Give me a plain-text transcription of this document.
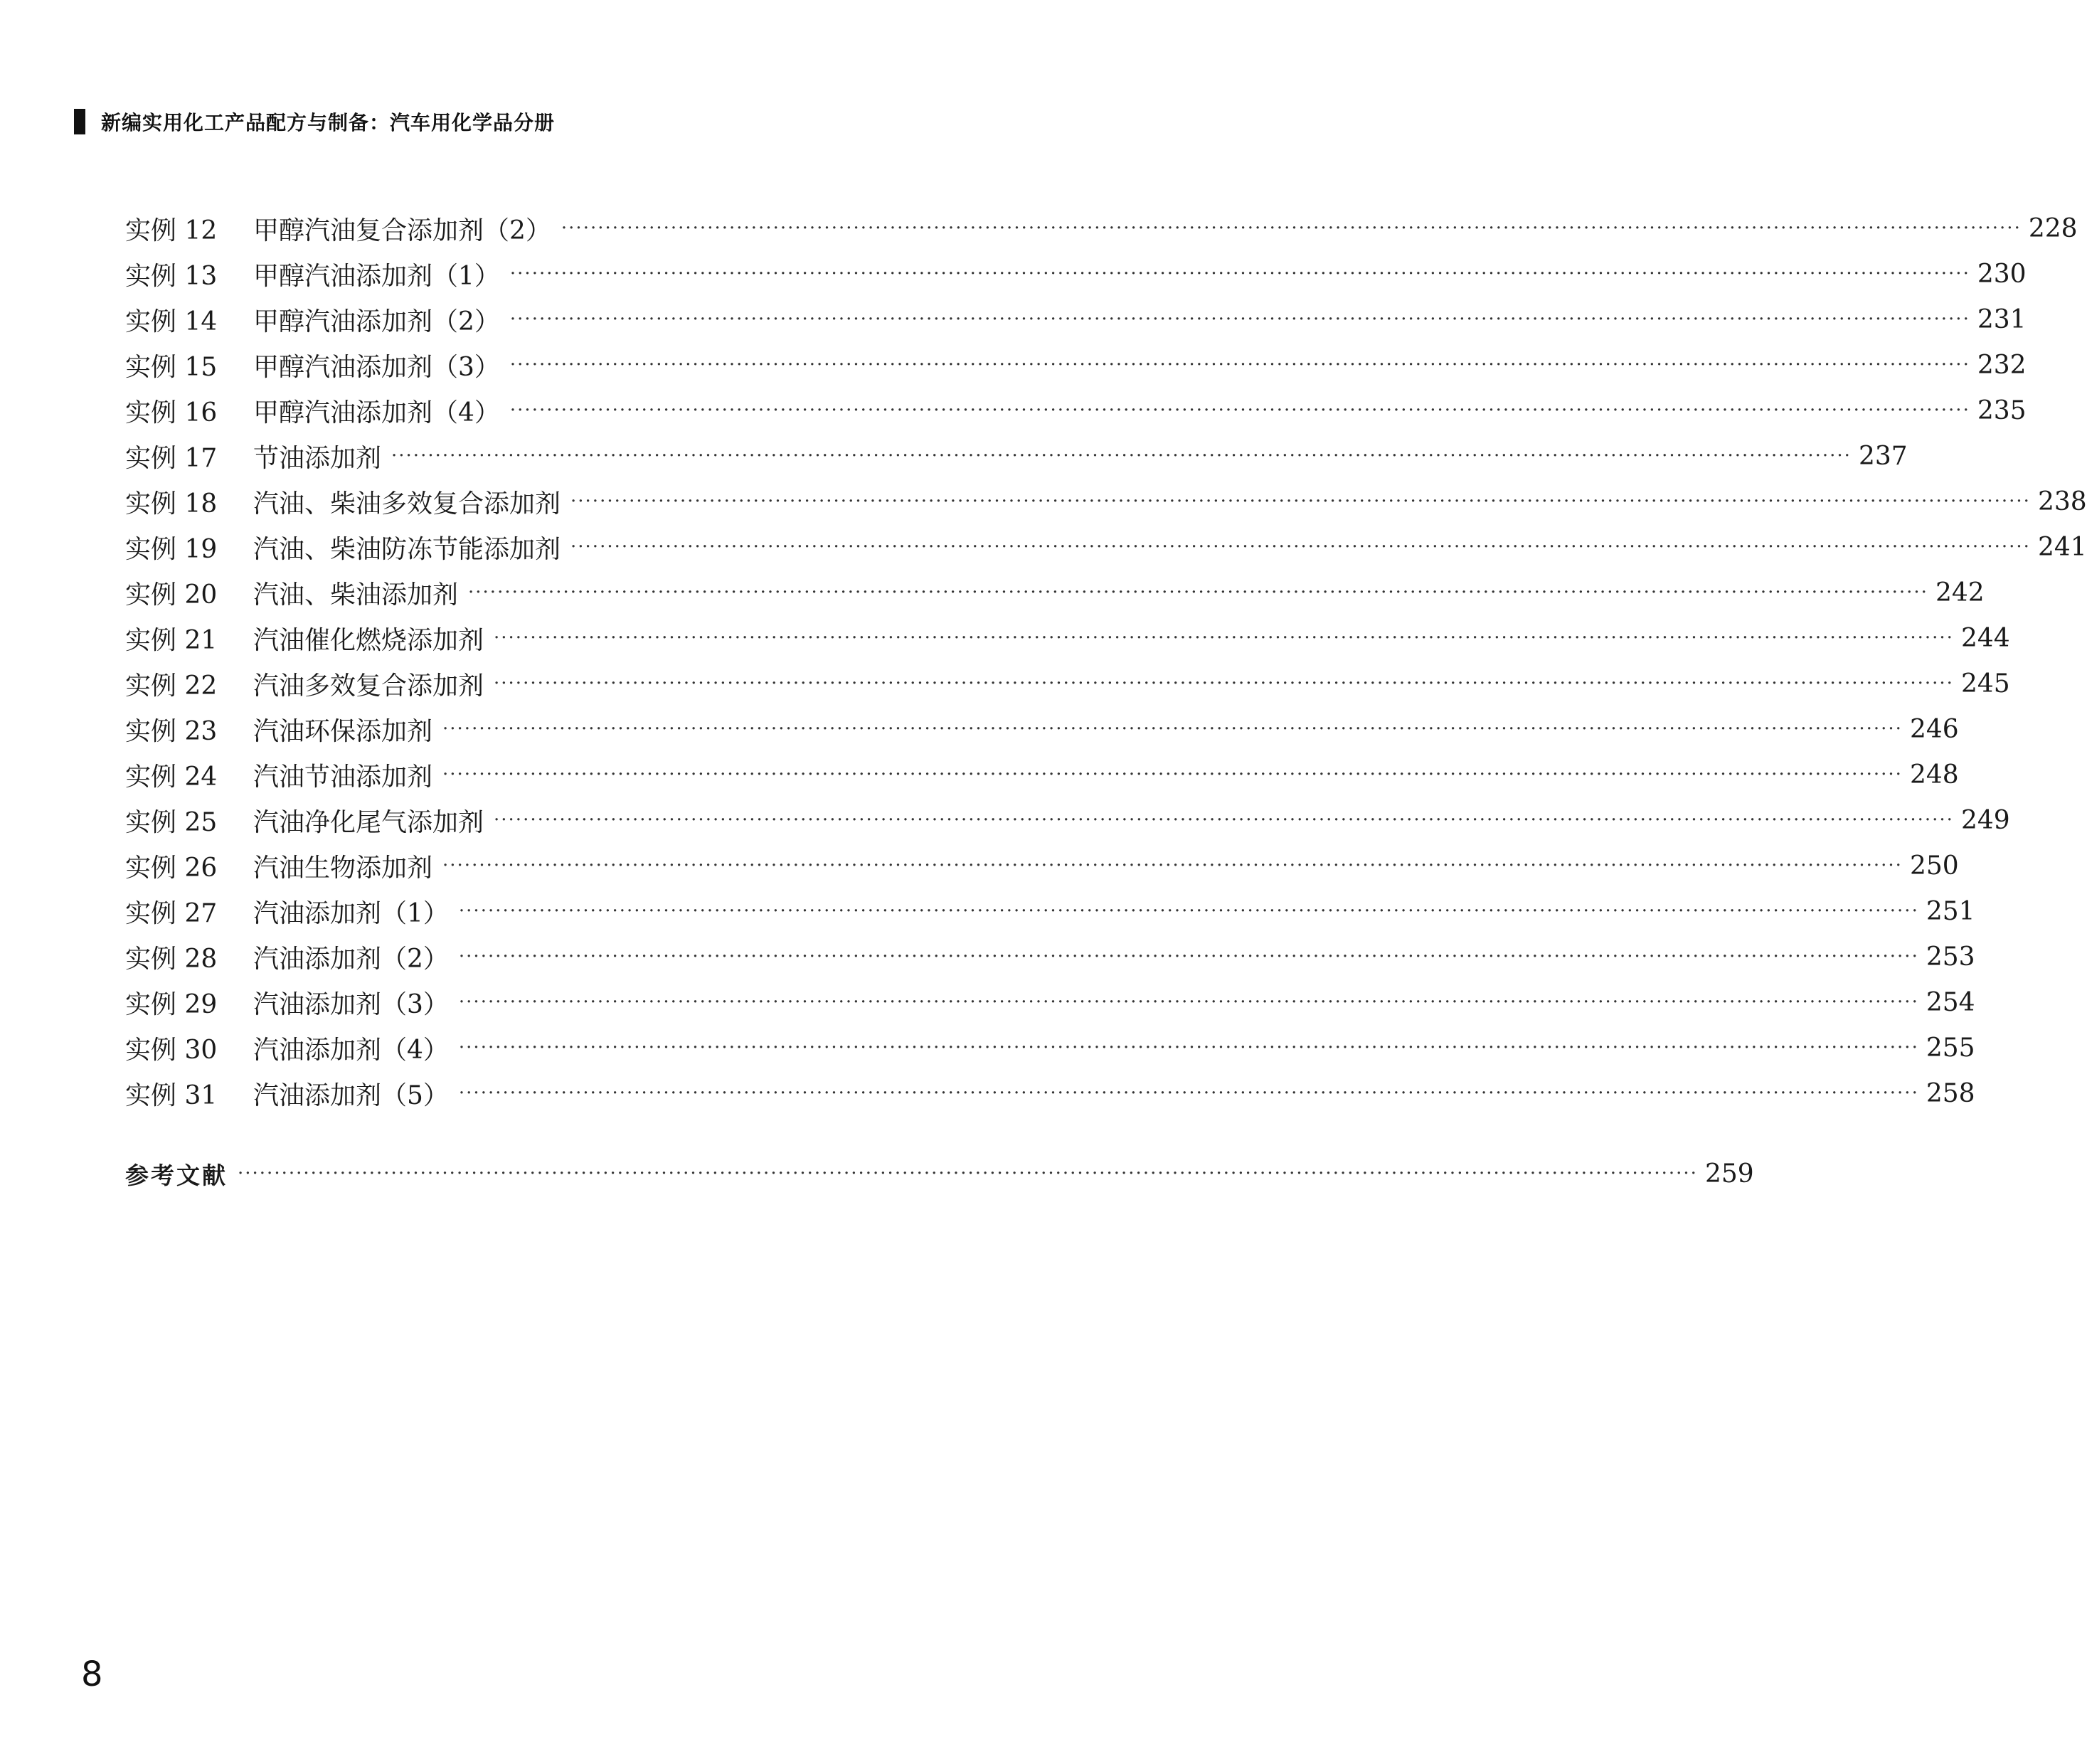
新编实用化工产品配方与制备：汽车用化学品分册
实例 12	甲醇汽油复合添加剂（2） ········································································································································································································ 228
实例 13	甲醇汽油添加剂（1） ········································································································································································································ 230
实例 14	甲醇汽油添加剂（2） ········································································································································································································ 231
实例 15	甲醇汽油添加剂（3） ········································································································································································································ 232
实例 16	甲醇汽油添加剂（4） ········································································································································································································ 235
实例 17	节油添加剂 ········································································································································································································ 237
实例 18	汽油、柴油多效复合添加剂 ········································································································································································································ 238
实例 19	汽油、柴油防冻节能添加剂 ········································································································································································································ 241
实例 20	汽油、柴油添加剂 ········································································································································································································ 242
实例 21	汽油催化燃烧添加剂 ········································································································································································································ 244
实例 22	汽油多效复合添加剂 ········································································································································································································ 245
实例 23	汽油环保添加剂 ········································································································································································································ 246
实例 24	汽油节油添加剂 ········································································································································································································ 248
实例 25	汽油净化尾气添加剂 ········································································································································································································ 249
实例 26	汽油生物添加剂 ········································································································································································································ 250
实例 27	汽油添加剂（1） ········································································································································································································ 251
实例 28	汽油添加剂（2） ········································································································································································································ 253
实例 29	汽油添加剂（3） ········································································································································································································ 254
实例 30	汽油添加剂（4） ········································································································································································································ 255
实例 31	汽油添加剂（5） ········································································································································································································ 258
参考文献 ········································································································································································································ 259
8
